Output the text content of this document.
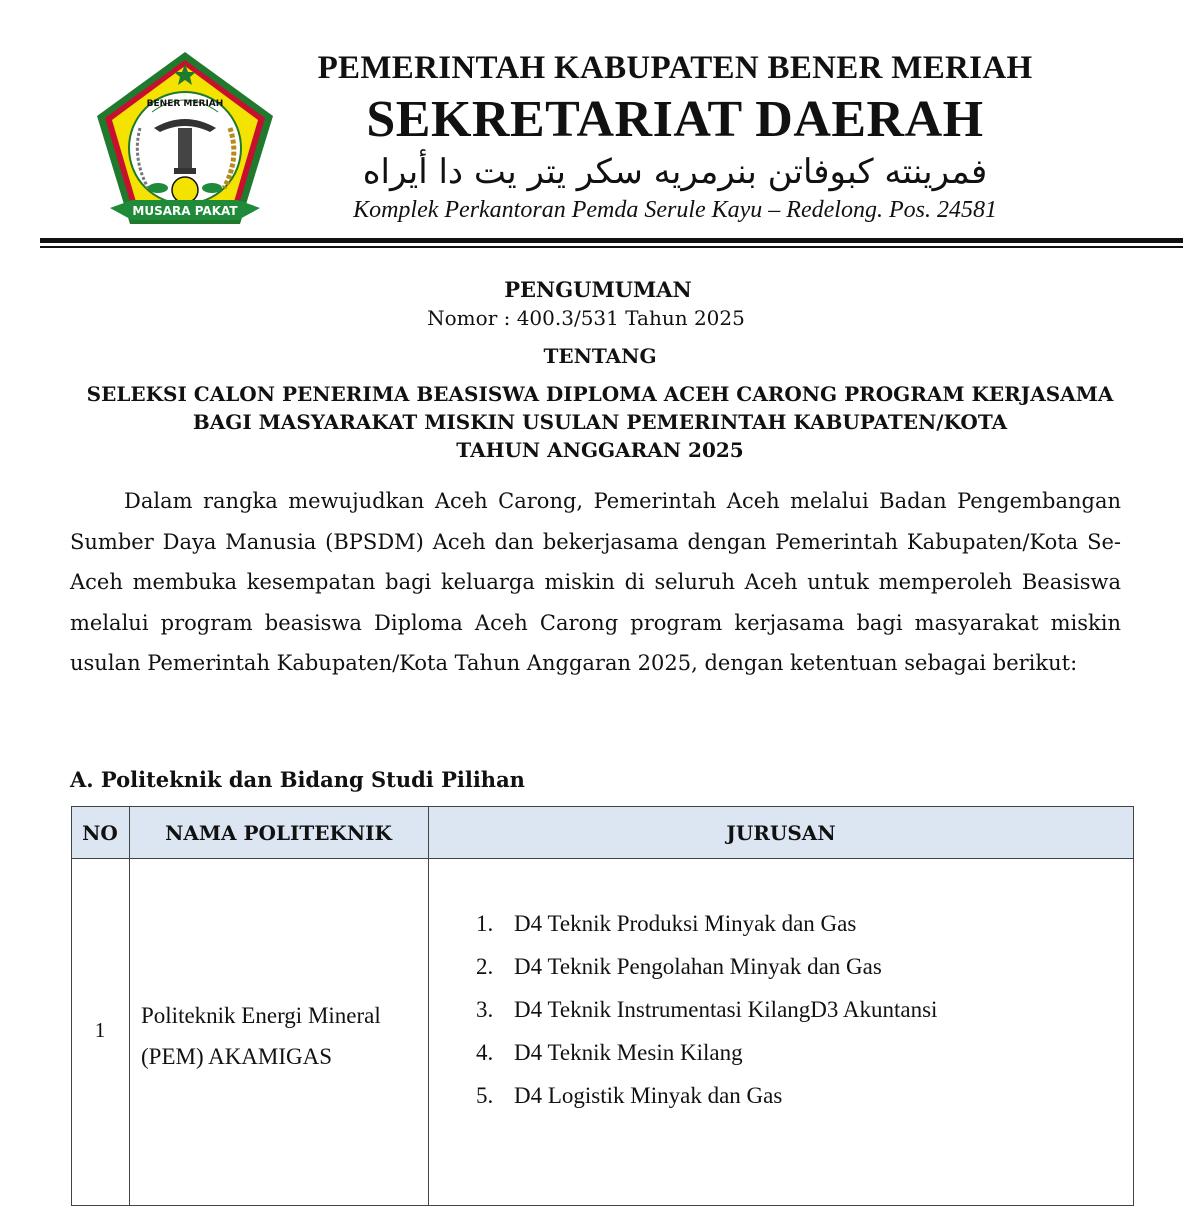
BENER MERIAH
MUSARA PAKAT
PEMERINTAH KABUPATEN BENER MERIAH
SEKRETARIAT DAERAH
فمرينته كبوفاتن بنرمريه سكر يتر يت دا أيراه
Komplek Perkantoran Pemda Serule Kayu – Redelong. Pos. 24581
PENGUMUMAN
Nomor : 400.3/531 Tahun 2025
TENTANG
SELEKSI CALON PENERIMA BEASISWA DIPLOMA ACEH CARONG PROGRAM KERJASAMA
BAGI MASYARAKAT MISKIN USULAN PEMERINTAH KABUPATEN/KOTA
TAHUN ANGGARAN 2025
Dalam rangka mewujudkan Aceh Carong, Pemerintah Aceh melalui Badan Pengembangan Sumber Daya Manusia (BPSDM) Aceh dan bekerjasama dengan Pemerintah Kabupaten/Kota Se-Aceh membuka kesempatan bagi keluarga miskin di seluruh Aceh untuk memperoleh Beasiswa melalui program beasiswa Diploma Aceh Carong program kerjasama bagi masyarakat miskin usulan Pemerintah Kabupaten/Kota Tahun Anggaran 2025, dengan ketentuan sebagai berikut:
A. Politeknik dan Bidang Studi Pilihan
NO	NAMA POLITEKNIK	JURUSAN
1
Politeknik Energi Mineral
(PEM) AKAMIGAS
1. D4 Teknik Produksi Minyak dan Gas
2. D4 Teknik Pengolahan Minyak dan Gas
3. D4 Teknik Instrumentasi KilangD3 Akuntansi
4. D4 Teknik Mesin Kilang
5. D4 Logistik Minyak dan Gas
